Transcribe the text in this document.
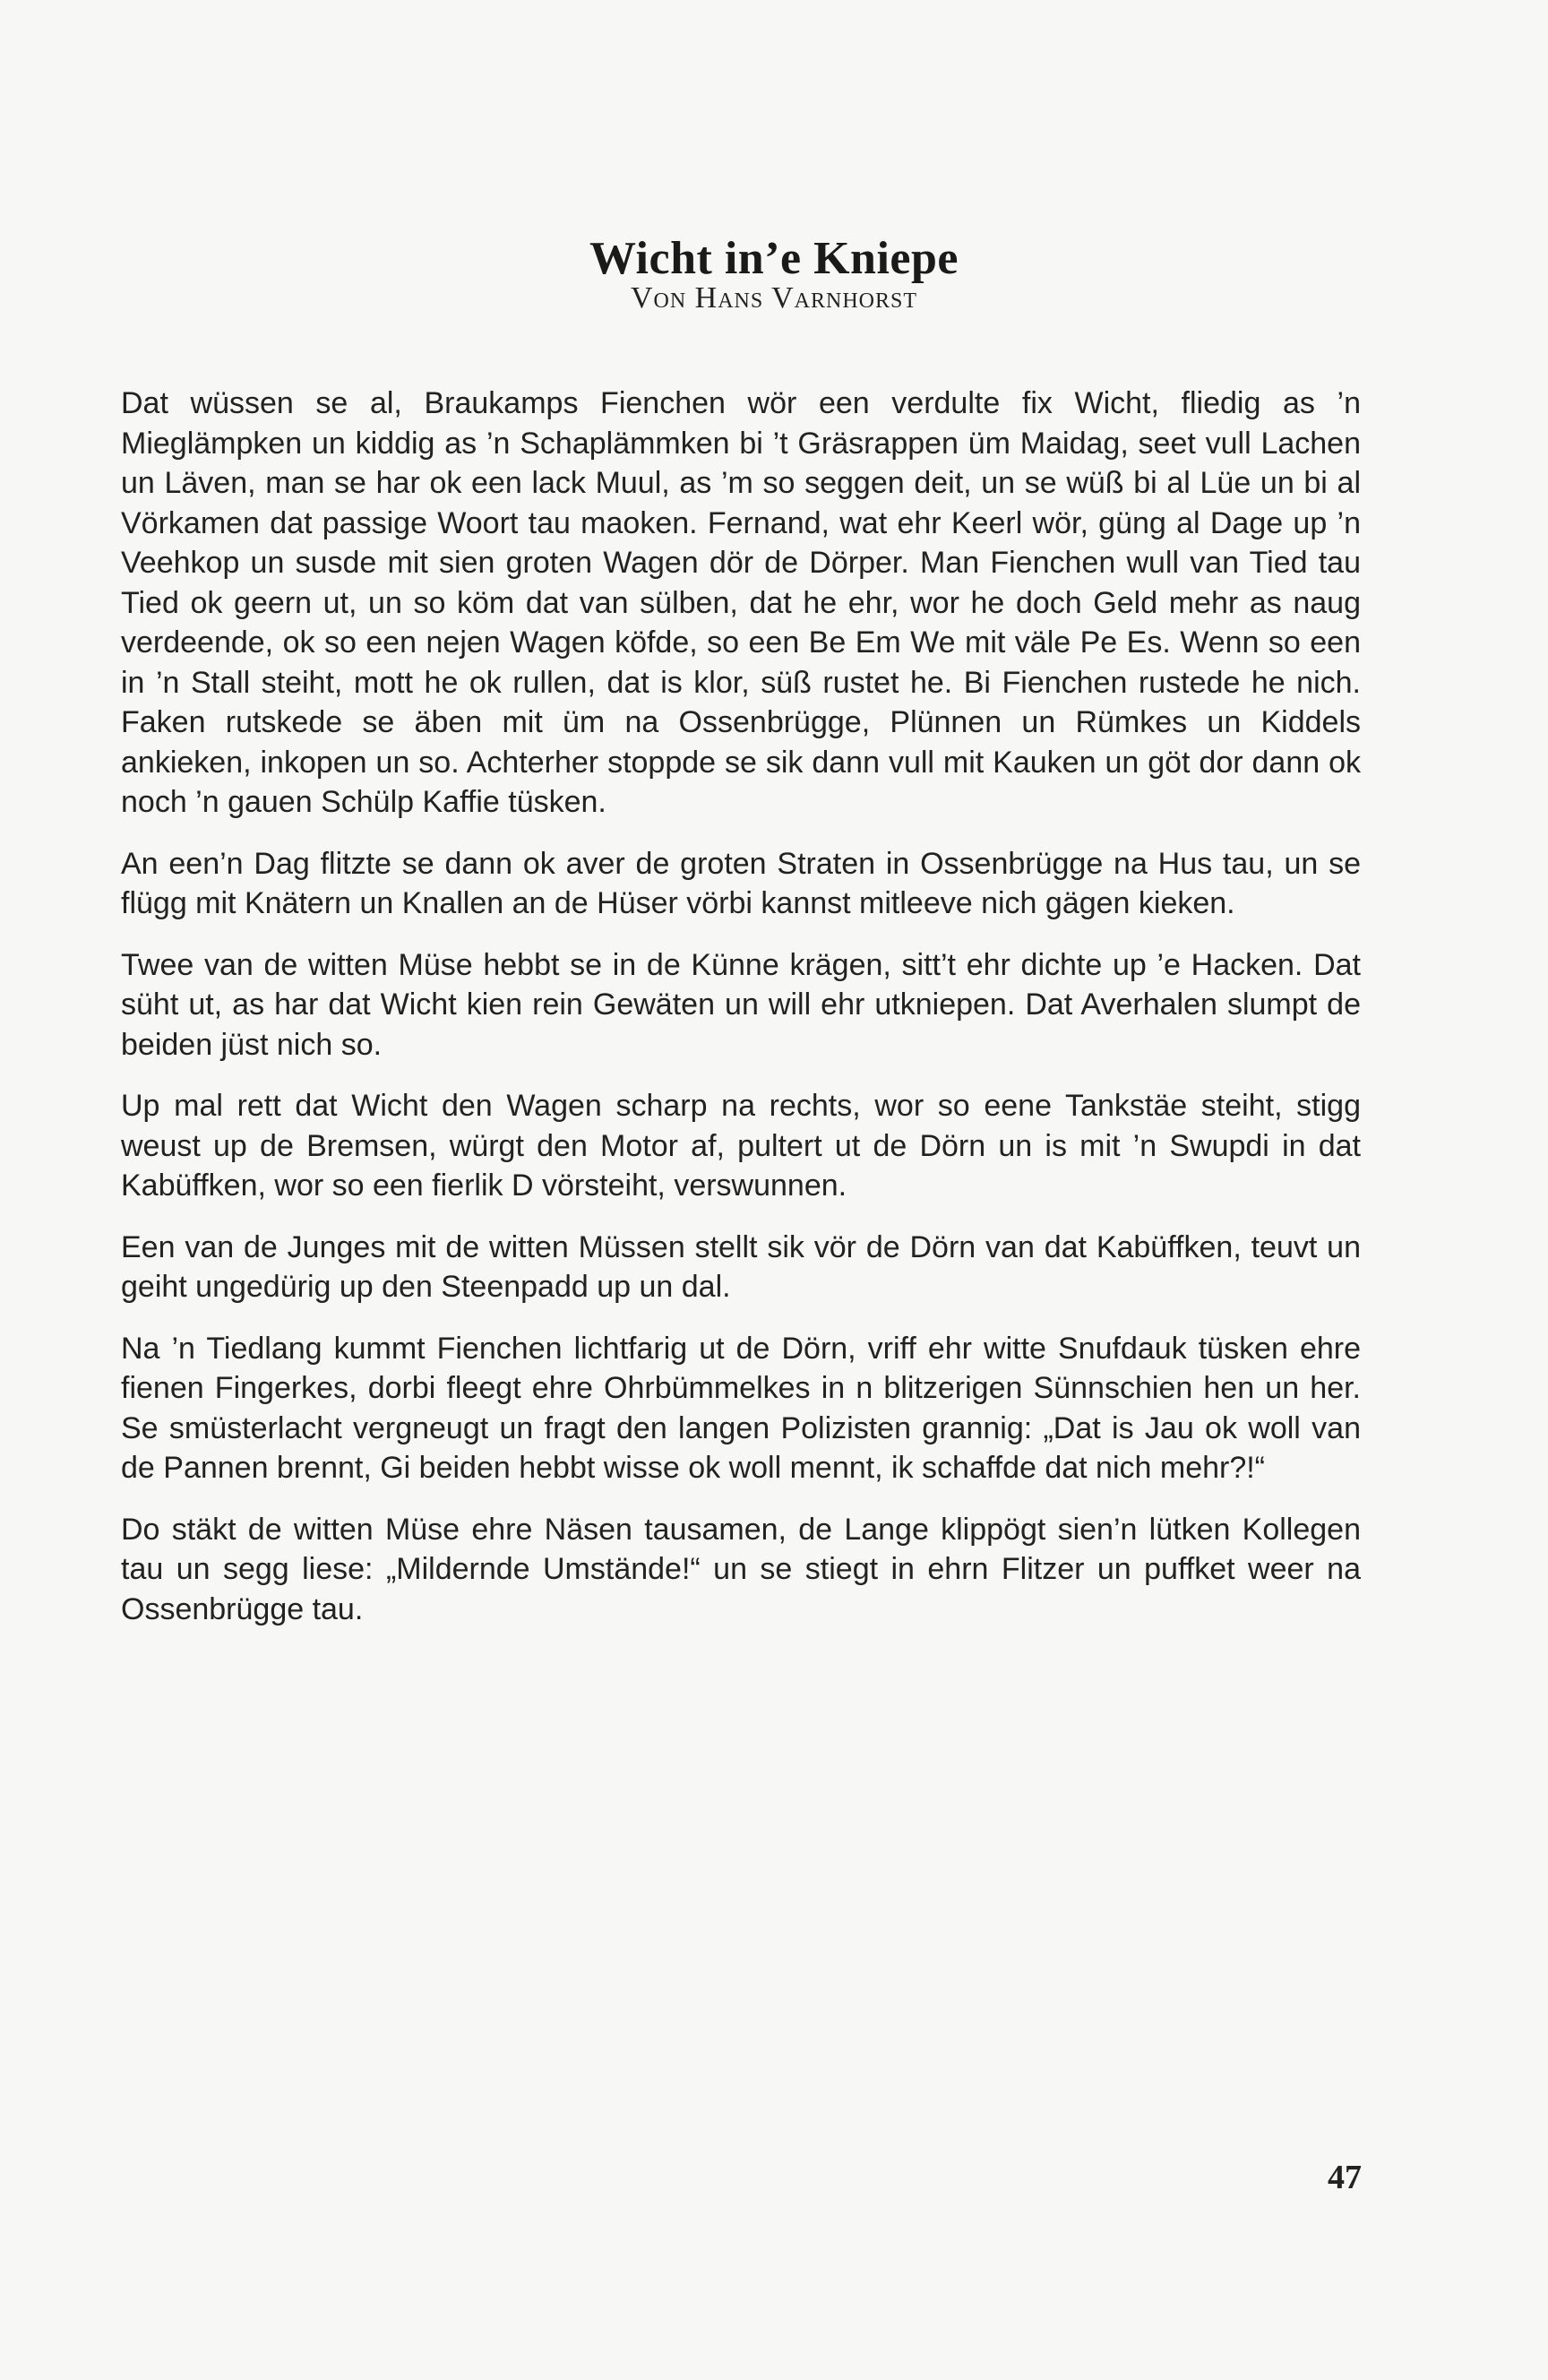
Wicht in’e Kniepe
Von Hans Varnhorst

Dat wüssen se al, Braukamps Fienchen wör een verdulte fix Wicht, fliedig as ’n Mieglämpken un kiddig as ’n Schaplämmken bi ’t Gräsrappen üm Maidag, seet vull Lachen un Läven, man se har ok een lack Muul, as ’m so seggen deit, un se wüß bi al Lüe un bi al Vörkamen dat passige Woort tau maoken. Fernand, wat ehr Keerl wör, güng al Dage up ’n Veehkop un susde mit sien groten Wagen dör de Dörper. Man Fienchen wull van Tied tau Tied ok geern ut, un so köm dat van sülben, dat he ehr, wor he doch Geld mehr as naug verdeende, ok so een nejen Wagen köfde, so een Be Em We mit väle Pe Es. Wenn so een in ’n Stall steiht, mott he ok rullen, dat is klor, süß rustet he. Bi Fienchen rustede he nich. Faken rutskede se äben mit üm na Ossenbrügge, Plünnen un Rümkes un Kiddels ankieken, inkopen un so. Achterher stoppde se sik dann vull mit Kauken un göt dor dann ok noch ’n gauen Schülp Kaffie tüsken.

An een’n Dag flitzte se dann ok aver de groten Straten in Ossenbrügge na Hus tau, un se flügg mit Knätern un Knallen an de Hüser vörbi kannst mitleeve nich gägen kieken.

Twee van de witten Müse hebbt se in de Künne krägen, sitt’t ehr dichte up ’e Hacken. Dat süht ut, as har dat Wicht kien rein Gewäten un will ehr utkniepen. Dat Averhalen slumpt de beiden jüst nich so.

Up mal rett dat Wicht den Wagen scharp na rechts, wor so eene Tankstäe steiht, stigg weust up de Bremsen, würgt den Motor af, pultert ut de Dörn un is mit ’n Swupdi in dat Kabüffken, wor so een fierlik D vörsteiht, verswunnen.

Een van de Junges mit de witten Müssen stellt sik vör de Dörn van dat Kabüffken, teuvt un geiht ungedürig up den Steenpadd up un dal.

Na ’n Tiedlang kummt Fienchen lichtfarig ut de Dörn, vriff ehr witte Snufdauk tüsken ehre fienen Fingerkes, dorbi fleegt ehre Ohrbümmelkes in n blitzerigen Sünnschien hen un her. Se smüsterlacht vergneugt un fragt den langen Polizisten grannig: „Dat is Jau ok woll van de Pannen brennt, Gi beiden hebbt wisse ok woll mennt, ik schaffde dat nich mehr?!“

Do stäkt de witten Müse ehre Näsen tausamen, de Lange klippögt sien’n lütken Kollegen tau un segg liese: „Mildernde Umstände!“ un se stiegt in ehrn Flitzer un puffket weer na Ossenbrügge tau.

47
